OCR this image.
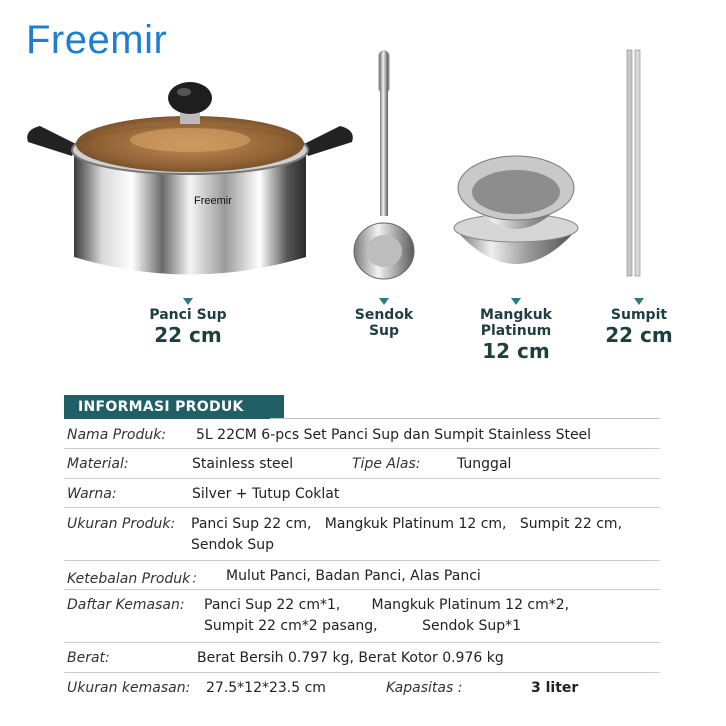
Freemir
Freemir
Panci Sup
22 cm
Sendok
Sup
Mangkuk
Platinum
12 cm
Sumpit
22 cm
INFORMASI PRODUK
Nama Produk: 5L 22CM 6-pcs Set Panci Sup dan Sumpit Stainless Steel
Material:	Stainless steel	Tipe Alas:	Tunggal
Warna:	Silver + Tutup Coklat
Ukuran Produk: Panci Sup 22 cm,   Mangkuk Platinum 12 cm,   Sumpit 22 cm,
Sendok Sup
Ketebalan Produk： Mulut Panci, Badan Panci, Alas Panci
Daftar Kemasan: Panci Sup 22 cm*1,       Mangkuk Platinum 12 cm*2,
Sumpit 22 cm*2 pasang,          Sendok Sup*1
Berat:	Berat Bersih 0.797 kg, Berat Kotor 0.976 kg
Ukuran kemasan: 27.5*12*23.5 cm	Kapasitas :	3 liter
